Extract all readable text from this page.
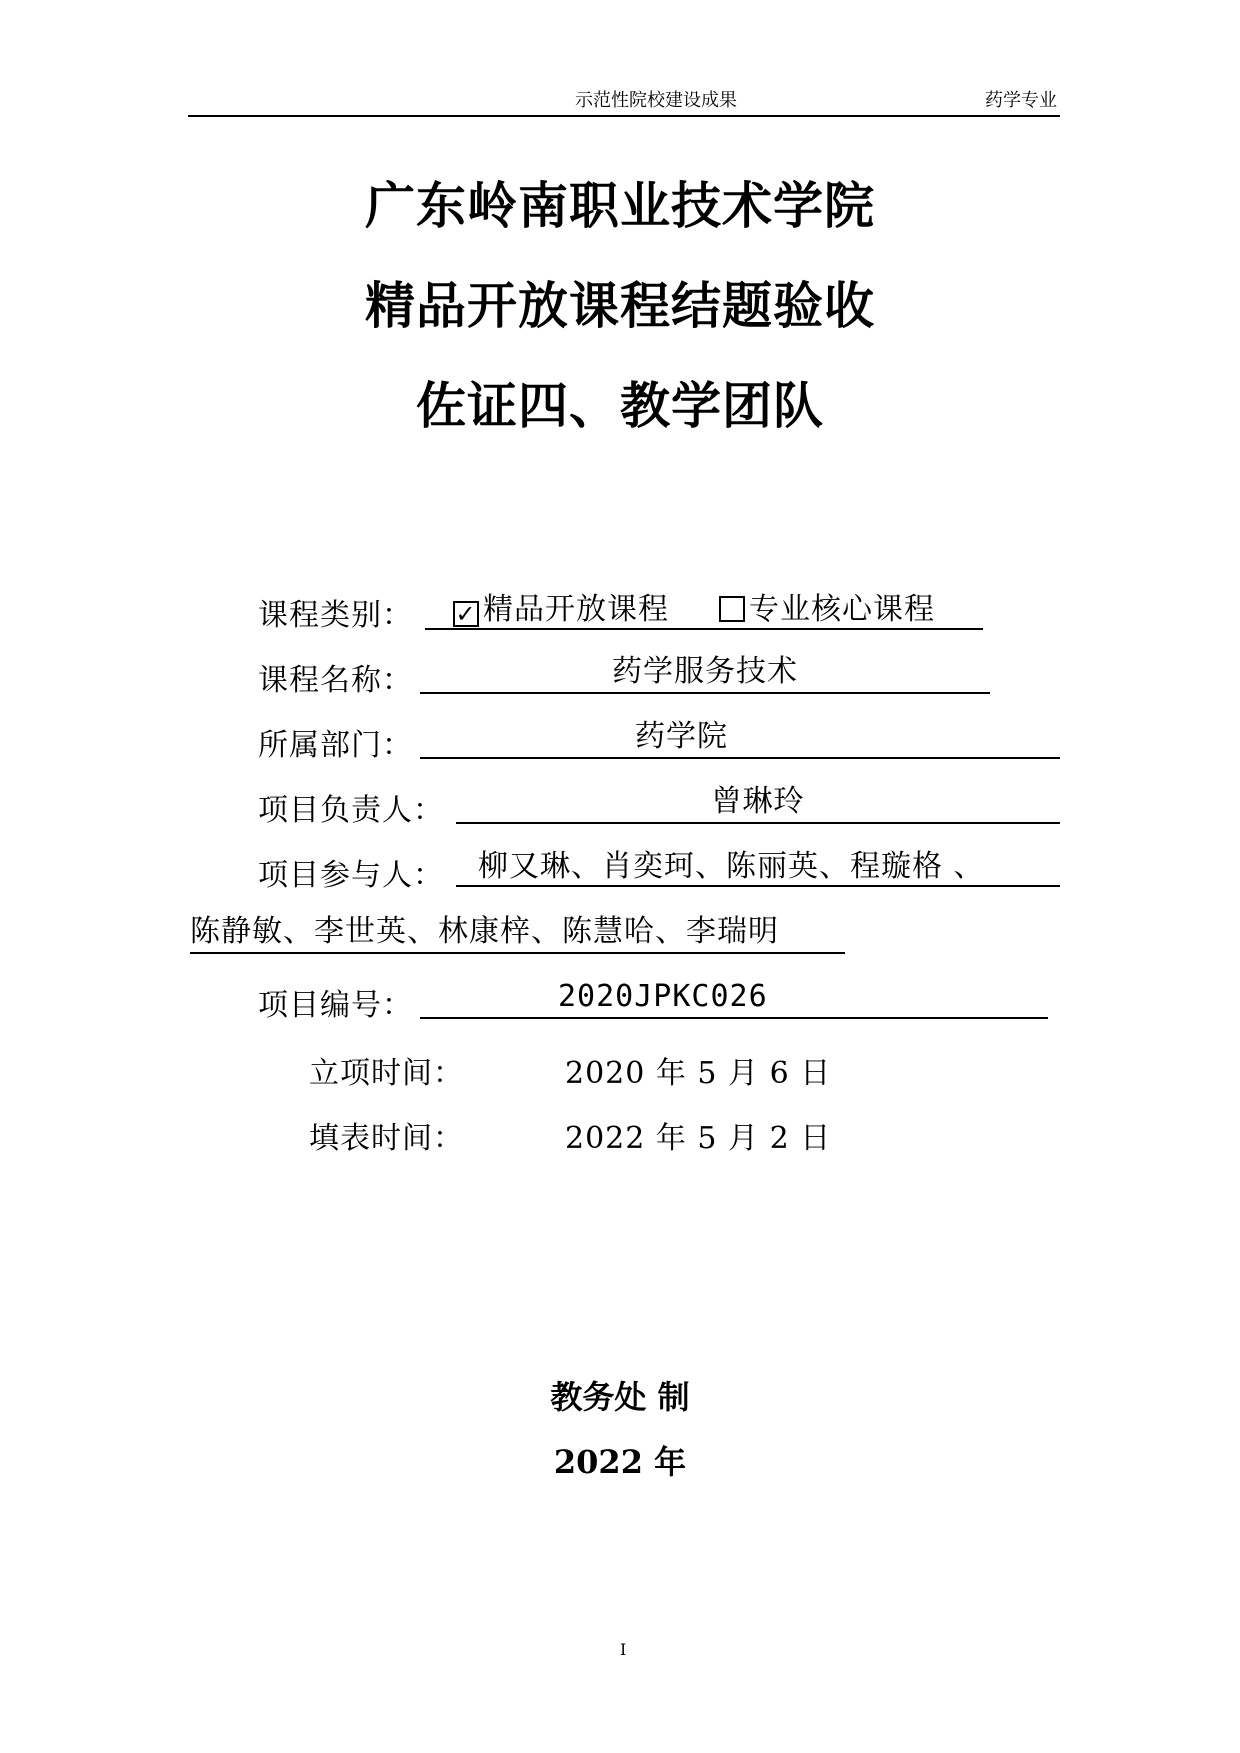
示范性院校建设成果	药学专业
广东岭南职业技术学院
精品开放课程结题验收
佐证四、教学团队
课程类别：	✓ 精品开放课程	专业核心课程
课程名称：	药学服务技术
所属部门：	药学院
项目负责人：	曾琳玲
项目参与人：	柳又琳、肖奕珂、陈丽英、程璇格 、
陈静敏、李世英、林康梓、陈慧哈、李瑞明
项目编号：	2020JPKC026
立项时间：	2020 年 5 月 6 日
填表时间：	2022 年 5 月 2 日
教务处 制
2022 年
I
